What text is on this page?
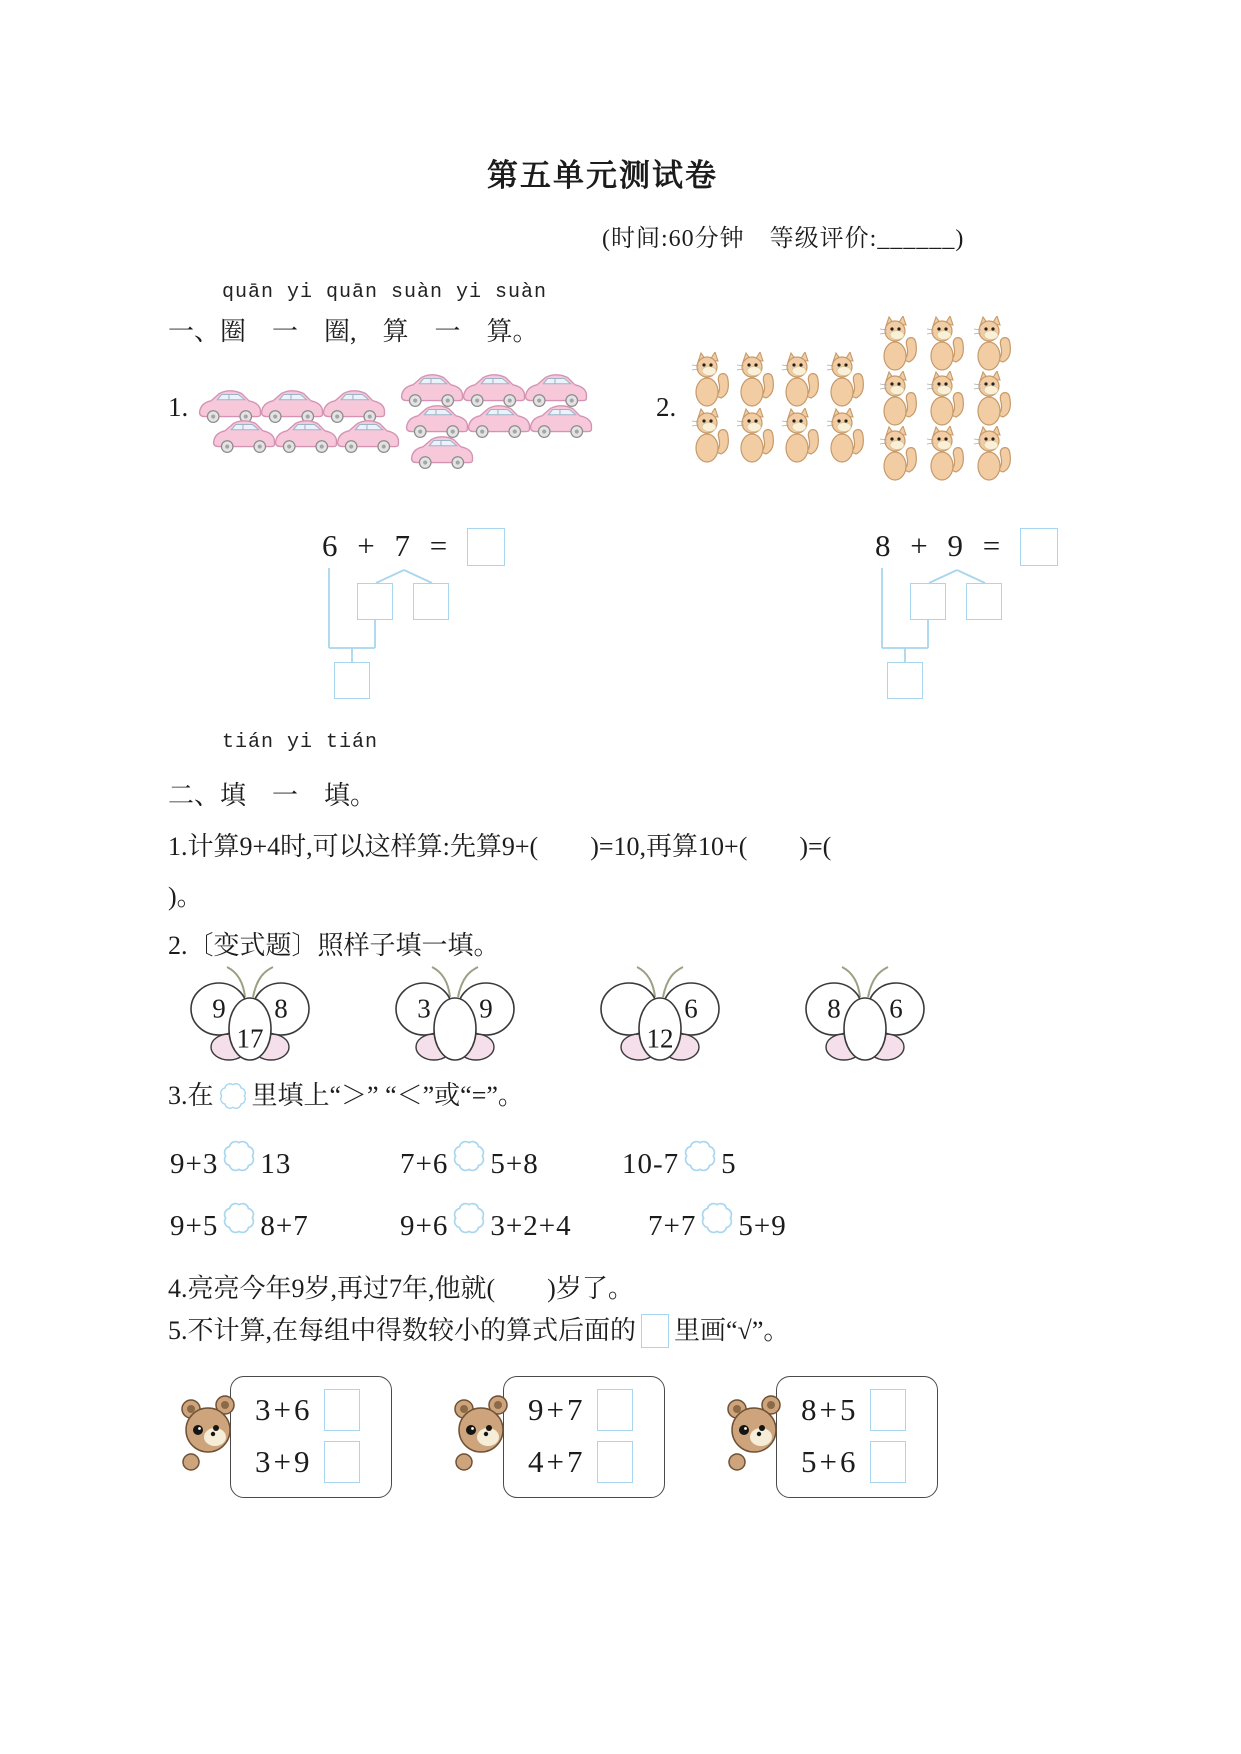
第五单元测试卷
(时间:60分钟　等级评价:______)
quān yi quān suàn yi suàn
一、圈　一　圈,　算　一　算。
1.	2.
6 + 7 =	8 + 9 =
tián yi tián
二、填　一　填。
1.计算9+4时,可以这样算:先算9+(　　)=10,再算10+(　　)=(
)。
2.〔变式题〕照样子填一填。
9 8
17
3 9	6
12
8 6
3.在 里填上“＞” “＜”或“=”。
9+3 13	7+6 5+8	10-7 5
9+5 8+7	9+6 3+2+4	7+7 5+9
4.亮亮今年9岁,再过7年,他就(　　)岁了。
5.不计算,在每组中得数较小的算式后面的 里画“√”。
3+6
3+9
9+7
4+7
8+5
5+6
